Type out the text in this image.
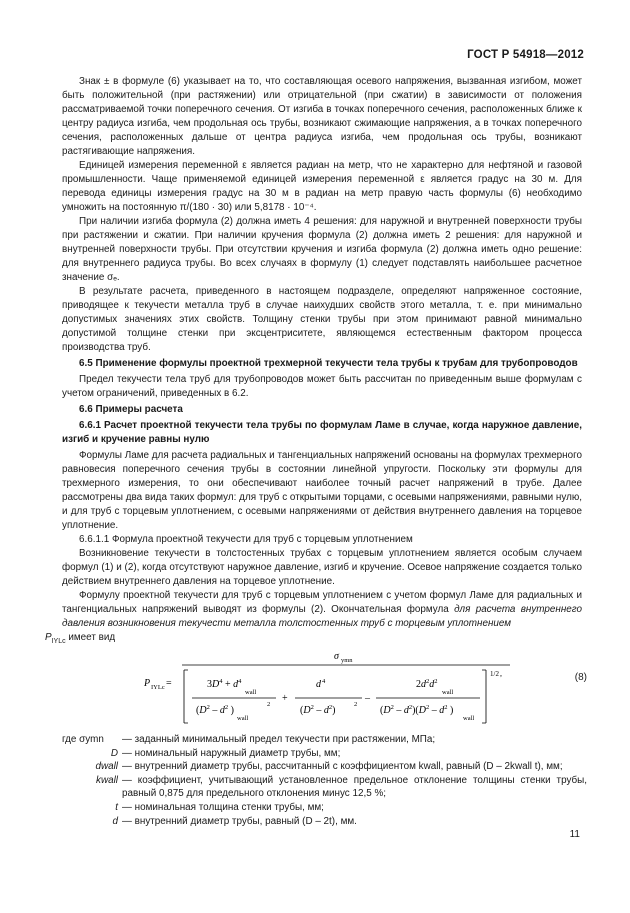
ГОСТ Р 54918—2012

Знак ± в формуле (6) указывает на то, что составляющая осевого напряжения, вызванная изгибом, может быть положительной (при растяжении) или отрицательной (при сжатии) в зависимости от положения рассматриваемой точки поперечного сечения. От изгиба в точках поперечного сечения, расположенных ближе к центру радиуса изгиба, чем продольная ось трубы, возникают сжимающие напряжения, а в точках поперечного сечения, расположенных дальше от центра радиуса изгиба, чем продольная ось трубы, возникают растягивающие напряжения.

Единицей измерения переменной ε является радиан на метр, что не характерно для нефтяной и газовой промышленности. Чаще применяемой единицей измерения переменной ε является градус на 30 м. Для перевода единицы измерения градус на 30 м в радиан на метр правую часть формулы (6) необходимо умножить на постоянную π/(180 · 30) или 5,8178 · 10⁻⁴.

При наличии изгиба формула (2) должна иметь 4 решения: для наружной и внутренней поверхности трубы при растяжении и сжатии. При наличии кручения формула (2) должна иметь 2 решения: для наружной и внутренней поверхности трубы. При отсутствии кручения и изгиба формула (2) должна иметь одно решение: для внутреннего радиуса трубы. Во всех случаях в формулу (1) следует подставлять наибольшее расчетное значение σₑ.

В результате расчета, приведенного в настоящем подразделе, определяют напряженное состояние, приводящее к текучести металла труб в случае наихудших свойств этого металла, т. е. при минимально допустимых значениях этих свойств. Толщину стенки трубы при этом принимают равной минимально допустимой толщине стенки при эксцентриситете, являющемся естественным фактором процесса производства труб.

6.5 Применение формулы проектной трехмерной текучести тела трубы к трубам для трубопроводов

Предел текучести тела труб для трубопроводов может быть рассчитан по приведенным выше формулам с учетом ограничений, приведенных в 6.2.

6.6 Примеры расчета

6.6.1 Расчет проектной текучести тела трубы по формулам Ламе в случае, когда наружное давление, изгиб и кручение равны нулю

Формулы Ламе для расчета радиальных и тангенциальных напряжений основаны на формулах трехмерного равновесия поперечного сечения трубы в состоянии линейной упругости. Поскольку эти формулы для трехмерного измерения, то они обеспечивают наиболее точный расчет напряжений в трубе. Далее рассмотрены два вида таких формул: для труб с открытыми торцами, с осевыми напряжениями, равными нулю, и для труб с торцевым уплотнением, с осевыми напряжениями от действия внутреннего давления на торцевое уплотнение.

6.6.1.1 Формула проектной текучести для труб с торцевым уплотнением

Возникновение текучести в толстостенных трубах с торцевым уплотнением является особым случаем формул (1) и (2), когда отсутствуют наружное давление, изгиб и кручение. Осевое напряжение создается только действием внутреннего давления на торцевое уплотнение.

Формулу проектной текучести для труб с торцевым уплотнением с учетом формул Ламе для радиальных и тангенциальных напряжений выводят из формулы (2). Окончательная формула для расчета внутреннего давления возникновения текучести металла толстостенных труб с торцевым уплотнением
$P_{IYLc}$ имеет вид

P IYLc =
σ ymn
1/2 ,
$3D^4 + d^4$
wall
($D^2 - d^2$ )
wall
2
+
d 4
$(D^2 - d^2)$
2
–
$2d^2d^2$
wall
$(D^2 - d^2)(D^2 - d^2$ )
wall
(8)
где σymn	— заданный минимальный предел текучести при растяжении, МПа;
D — номинальный наружный диаметр трубы, мм;
dwall — внутренний диаметр трубы, рассчитанный с коэффициентом kwall, равный (D – 2kwall t), мм;
kwall — коэффициент, учитывающий установленное предельное отклонение толщины стенки трубы, равный 0,875 для предельного отклонения минус 12,5 %;
t — номинальная толщина стенки трубы, мм;
d — внутренний диаметр трубы, равный (D – 2t), мм.
11
